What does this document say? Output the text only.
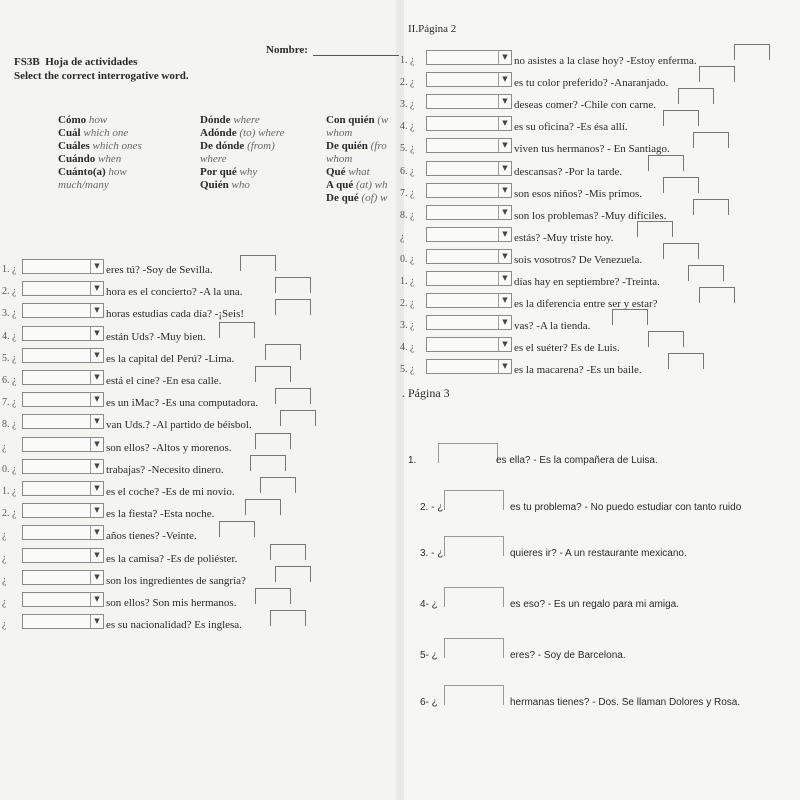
FS3B Hoja de actividades
Nombre:
Select the correct interrogative word.
Cómo how
Cuál which one
Cuáles which ones
Cuándo when
Cuánto(a) how
much/many
Dónde where
Adónde (to) where
De dónde (from)
where
Por qué why
Quién who
Con quién (w
whom
De quién (fro
whom
Qué what
A qué (at) wh
De qué (of) w
1. ¿	▼ eres tú? -Soy de Sevilla.
2. ¿	▼ hora es el concierto? -A la una.
3. ¿	▼ horas estudias cada día? -¡Seis!
4. ¿	▼ están Uds? -Muy bien.
5. ¿	▼ es la capital del Perú? -Lima.
6. ¿	▼ está el cine? -En esa calle.
7. ¿	▼ es un iMac? -Es una computadora.
8. ¿	▼ van Uds.? -Al partido de béisbol.
¿	▼ son ellos? -Altos y morenos.
0. ¿	▼ trabajas? -Necesito dinero.
1. ¿	▼ es el coche? -Es de mi novio.
2. ¿	▼ es la fiesta? -Esta noche.
¿	▼ años tienes? -Veinte.
¿	▼ es la camisa? -Es de poliéster.
¿	▼ son los ingredientes de sangría?
¿	▼ son ellos? Son mis hermanos.
¿	▼ es su nacionalidad? Es inglesa.
II.Página 2
1. ¿	▼ no asistes a la clase hoy? -Estoy enferma.
2. ¿	▼ es tu color preferido? -Anaranjado.
3. ¿	▼ deseas comer? -Chile con carne.
4. ¿	▼ es su oficina? -Es ésa allí.
5. ¿	▼ viven tus hermanos? - En Santiago.
6. ¿	▼ descansas? -Por la tarde.
7. ¿	▼ son esos niños? -Mis primos.
8. ¿	▼ son los problemas? -Muy difíciles.
¿	▼ estás? -Muy triste hoy.
0. ¿	▼ sois vosotros? De Venezuela.
1. ¿	▼ días hay en septiembre? -Treinta.
2. ¿	▼ es la diferencia entre ser y estar?
3. ¿	▼ vas? -A la tienda.
4. ¿	▼ es el suéter? Es de Luis.
5. ¿	▼ es la macarena? -Es un baile.
. Página 3
1.	es ella? - Es la compañera de Luisa.
2. - ¿	es tu problema? - No puedo estudiar con tanto ruido
3. - ¿	quieres ir? - A un restaurante mexicano.
4- ¿	es eso? - Es un regalo para mi amiga.
5- ¿	eres? - Soy de Barcelona.
6- ¿	hermanas tienes? - Dos. Se llaman Dolores y Rosa.
